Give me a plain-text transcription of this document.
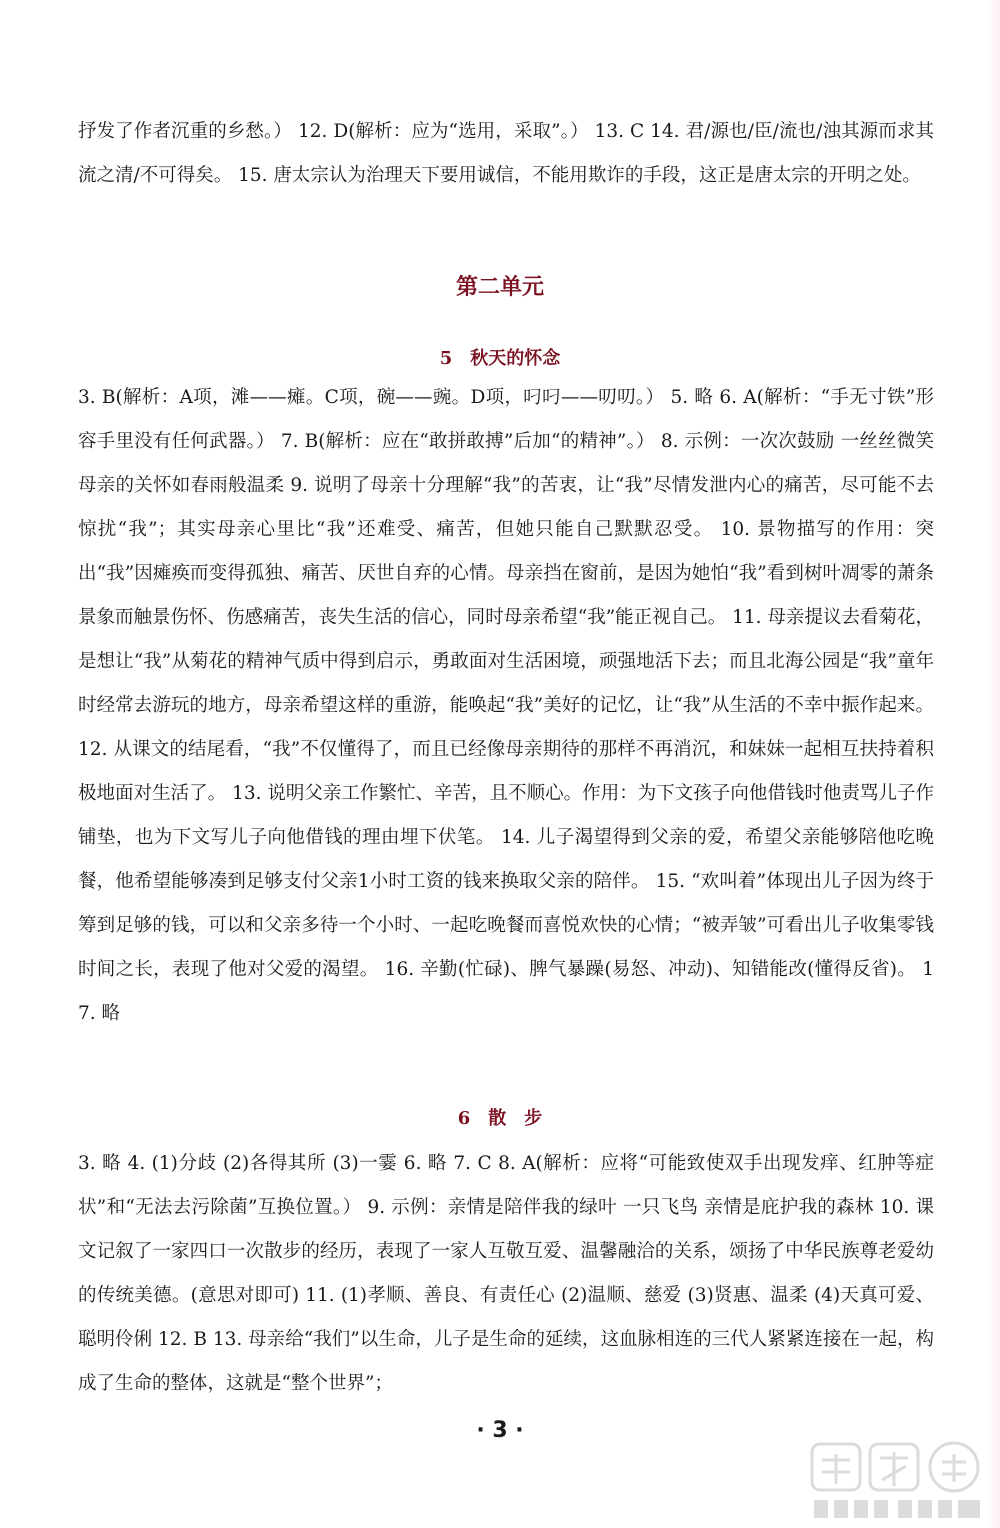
抒发了作者沉重的乡愁。） 12. D(解析：应为“选用，采取”。） 13. C 14. 君/源也/臣/流也/浊其源而求其流之清/不可得矣。 15. 唐太宗认为治理天下要用诚信，不能用欺诈的手段，这正是唐太宗的开明之处。

第二单元
5　秋天的怀念

3. B(解析：A项，滩——瘫。C项，碗——豌。D项，叼叼——叨叨。） 5. 略 6. A(解析：“手无寸铁”形容手里没有任何武器。） 7. B(解析：应在“敢拼敢搏”后加“的精神”。） 8. 示例：一次次鼓励 一丝丝微笑 母亲的关怀如春雨般温柔 9. 说明了母亲十分理解“我”的苦衷，让“我”尽情发泄内心的痛苦，尽可能不去惊扰“我”；其实母亲心里比“我”还难受、痛苦，但她只能自己默默忍受。 10. 景物描写的作用：突出“我”因瘫痪而变得孤独、痛苦、厌世自弃的心情。母亲挡在窗前，是因为她怕“我”看到树叶凋零的萧条景象而触景伤怀、伤感痛苦，丧失生活的信心，同时母亲希望“我”能正视自己。 11. 母亲提议去看菊花，是想让“我”从菊花的精神气质中得到启示，勇敢面对生活困境，顽强地活下去；而且北海公园是“我”童年时经常去游玩的地方，母亲希望这样的重游，能唤起“我”美好的记忆，让“我”从生活的不幸中振作起来。 12. 从课文的结尾看，“我”不仅懂得了，而且已经像母亲期待的那样不再消沉，和妹妹一起相互扶持着积极地面对生活了。 13. 说明父亲工作繁忙、辛苦，且不顺心。作用：为下文孩子向他借钱时他责骂儿子作铺垫，也为下文写儿子向他借钱的理由埋下伏笔。 14. 儿子渴望得到父亲的爱，希望父亲能够陪他吃晚餐，他希望能够凑到足够支付父亲1小时工资的钱来换取父亲的陪伴。 15. “欢叫着”体现出儿子因为终于筹到足够的钱，可以和父亲多待一个小时、一起吃晚餐而喜悦欢快的心情；“被弄皱”可看出儿子收集零钱时间之长，表现了他对父爱的渴望。 16. 辛勤(忙碌)、脾气暴躁(易怒、冲动)、知错能改(懂得反省)。 17. 略

6　散　步

3. 略 4. (1)分歧 (2)各得其所 (3)一霎 6. 略 7. C 8. A(解析：应将“可能致使双手出现发痒、红肿等症状”和“无法去污除菌”互换位置。） 9. 示例：亲情是陪伴我的绿叶 一只飞鸟 亲情是庇护我的森林 10. 课文记叙了一家四口一次散步的经历，表现了一家人互敬互爱、温馨融洽的关系，颂扬了中华民族尊老爱幼的传统美德。(意思对即可) 11. (1)孝顺、善良、有责任心 (2)温顺、慈爱 (3)贤惠、温柔 (4)天真可爱、聪明伶俐 12. B 13. 母亲给“我们”以生命，儿子是生命的延续，这血脉相连的三代人紧紧连接在一起，构成了生命的整体，这就是“整个世界”；

· 3 ·
